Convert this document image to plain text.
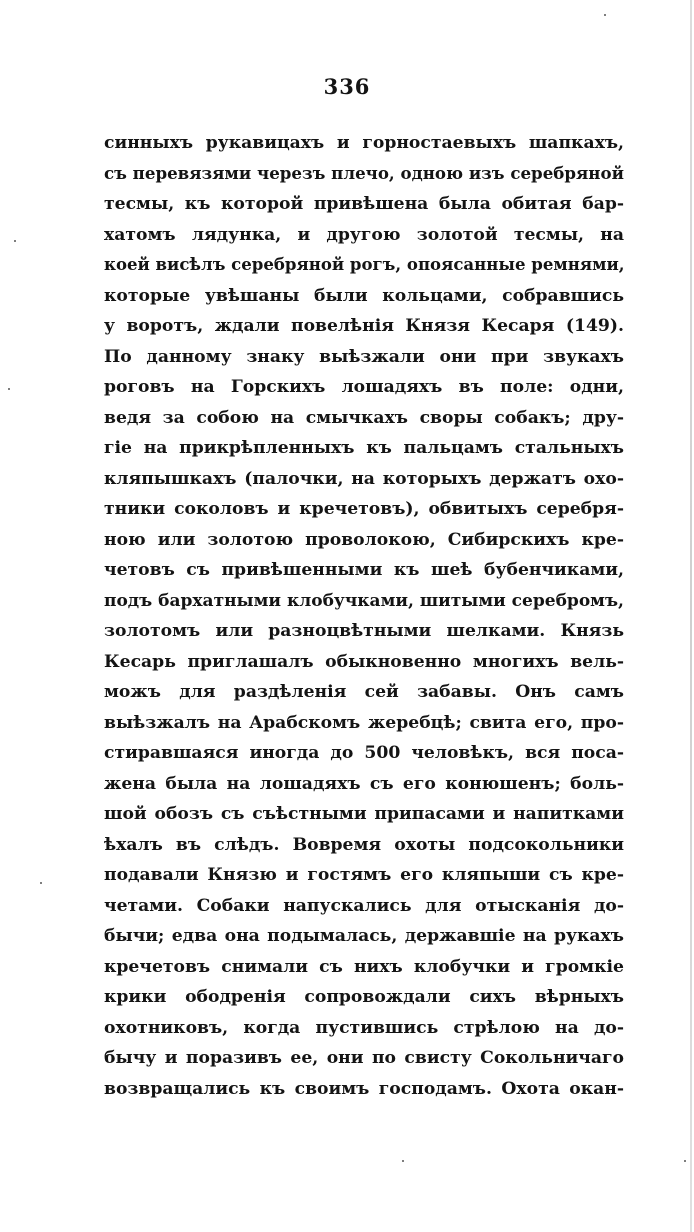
336
синныхъ рукавицахъ и горностаевыхъ шапкахъ,
съ перевязями черезъ плечо, одною изъ серебряной
тесмы, къ которой привѣшена была обитая бар-
хатомъ лядунка, и другою золотой тесмы, на
коей висѣлъ серебряной рогъ, опоясанные ремнями,
которые увѣшаны были кольцами, собравшись
у воротъ, ждали повелѣнія Князя Кесаря (149).
По данному знаку выѣзжали они при звукахъ
роговъ на Горскихъ лошадяхъ въ поле: одни,
ведя за собою на смычкахъ своры собакъ; дру-
гіе на прикрѣпленныхъ къ пальцамъ стальныхъ
кляпышкахъ (палочки, на которыхъ держатъ охо-
тники соколовъ и кречетовъ), обвитыхъ серебря-
ною или золотою проволокою, Сибирскихъ кре-
четовъ съ привѣшенными къ шеѣ бубенчиками,
подъ бархатными клобучками, шитыми серебромъ,
золотомъ или разноцвѣтными шелками. Князь
Кесарь приглашалъ обыкновенно многихъ вель-
можъ для раздѣленія сей забавы. Онъ самъ
выѣзжалъ на Арабскомъ жеребцѣ; свита его, про-
стиравшаяся иногда до 500 человѣкъ, вся поса-
жена была на лошадяхъ съ его конюшенъ; боль-
шой обозъ съ съѣстными припасами и напитками
ѣхалъ въ слѣдъ. Вовремя охоты подсокольники
подавали Князю и гостямъ его кляпыши съ кре-
четами. Собаки напускались для отысканія до-
бычи; едва она подымалась, державшіе на рукахъ
кречетовъ снимали съ нихъ клобучки и громкіе
крики ободренія сопровождали сихъ вѣрныхъ
охотниковъ, когда пустившись стрѣлою на до-
бычу и поразивъ ее, они по свисту Сокольничаго
возвращались къ своимъ господамъ. Охота окан-
